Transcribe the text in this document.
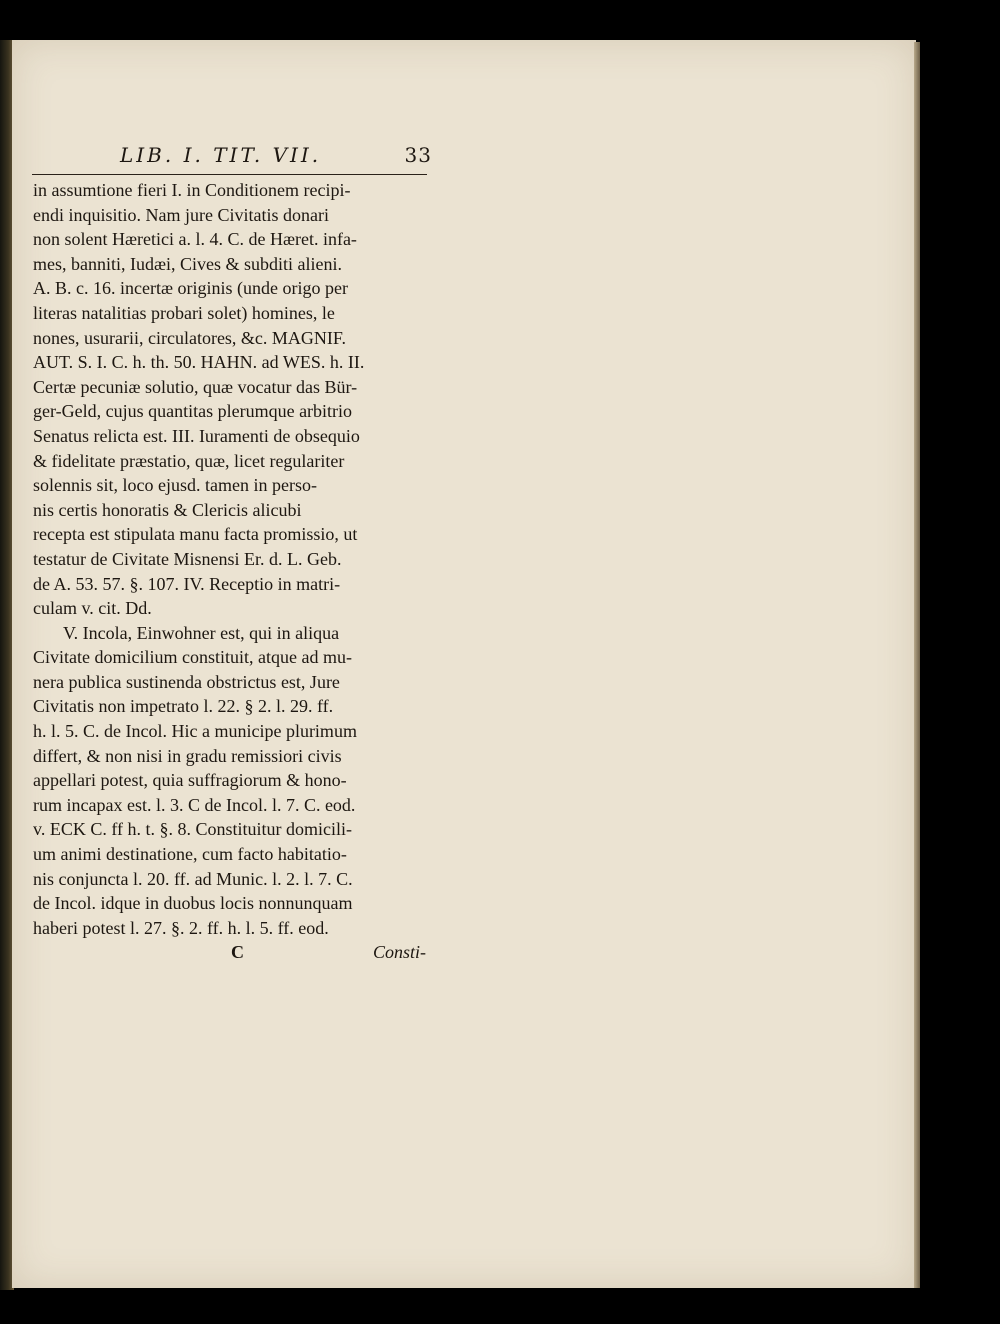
LIB. I. TIT. VII.	33
in assumtione fieri I. in Conditionem recipi-
endi inquisitio. Nam jure Civitatis donari
non solent Hæretici a. l. 4. C. de Hæret. infa-
mes, banniti, Iudæi, Cives & subditi alieni.
A. B. c. 16. incertæ originis (unde origo per
literas natalitias probari solet) homines, le
nones, usurarii, circulatores, &c. MAGNIF.
AUT. S. I. C. h. th. 50. HAHN. ad WES. h. II.
Certæ pecuniæ solutio, quæ vocatur das Bür-
ger-Geld, cujus quantitas plerumque arbitrio
Senatus relicta est. III. Iuramenti de obsequio
& fidelitate præstatio, quæ, licet regulariter
solennis sit, loco ejusd. tamen in perso-
nis certis honoratis & Clericis alicubi
recepta est stipulata manu facta promissio, ut
testatur de Civitate Misnensi Er. d. L. Geb.
de A. 53. 57. §. 107. IV. Receptio in matri-
culam v. cit. Dd.
V. Incola, Einwohner est, qui in aliqua
Civitate domicilium constituit, atque ad mu-
nera publica sustinenda obstrictus est, Jure
Civitatis non impetrato l. 22. § 2. l. 29. ff.
h. l. 5. C. de Incol. Hic a municipe plurimum
differt, & non nisi in gradu remissiori civis
appellari potest, quia suffragiorum & hono-
rum incapax est. l. 3. C de Incol. l. 7. C. eod.
v. ECK C. ff h. t. §. 8. Constituitur domicili-
um animi destinatione, cum facto habitatio-
nis conjuncta l. 20. ff. ad Munic. l. 2. l. 7. C.
de Incol. idque in duobus locis nonnunquam
haberi potest l. 27. §. 2. ff. h. l. 5. ff. eod.
C	Consti-
